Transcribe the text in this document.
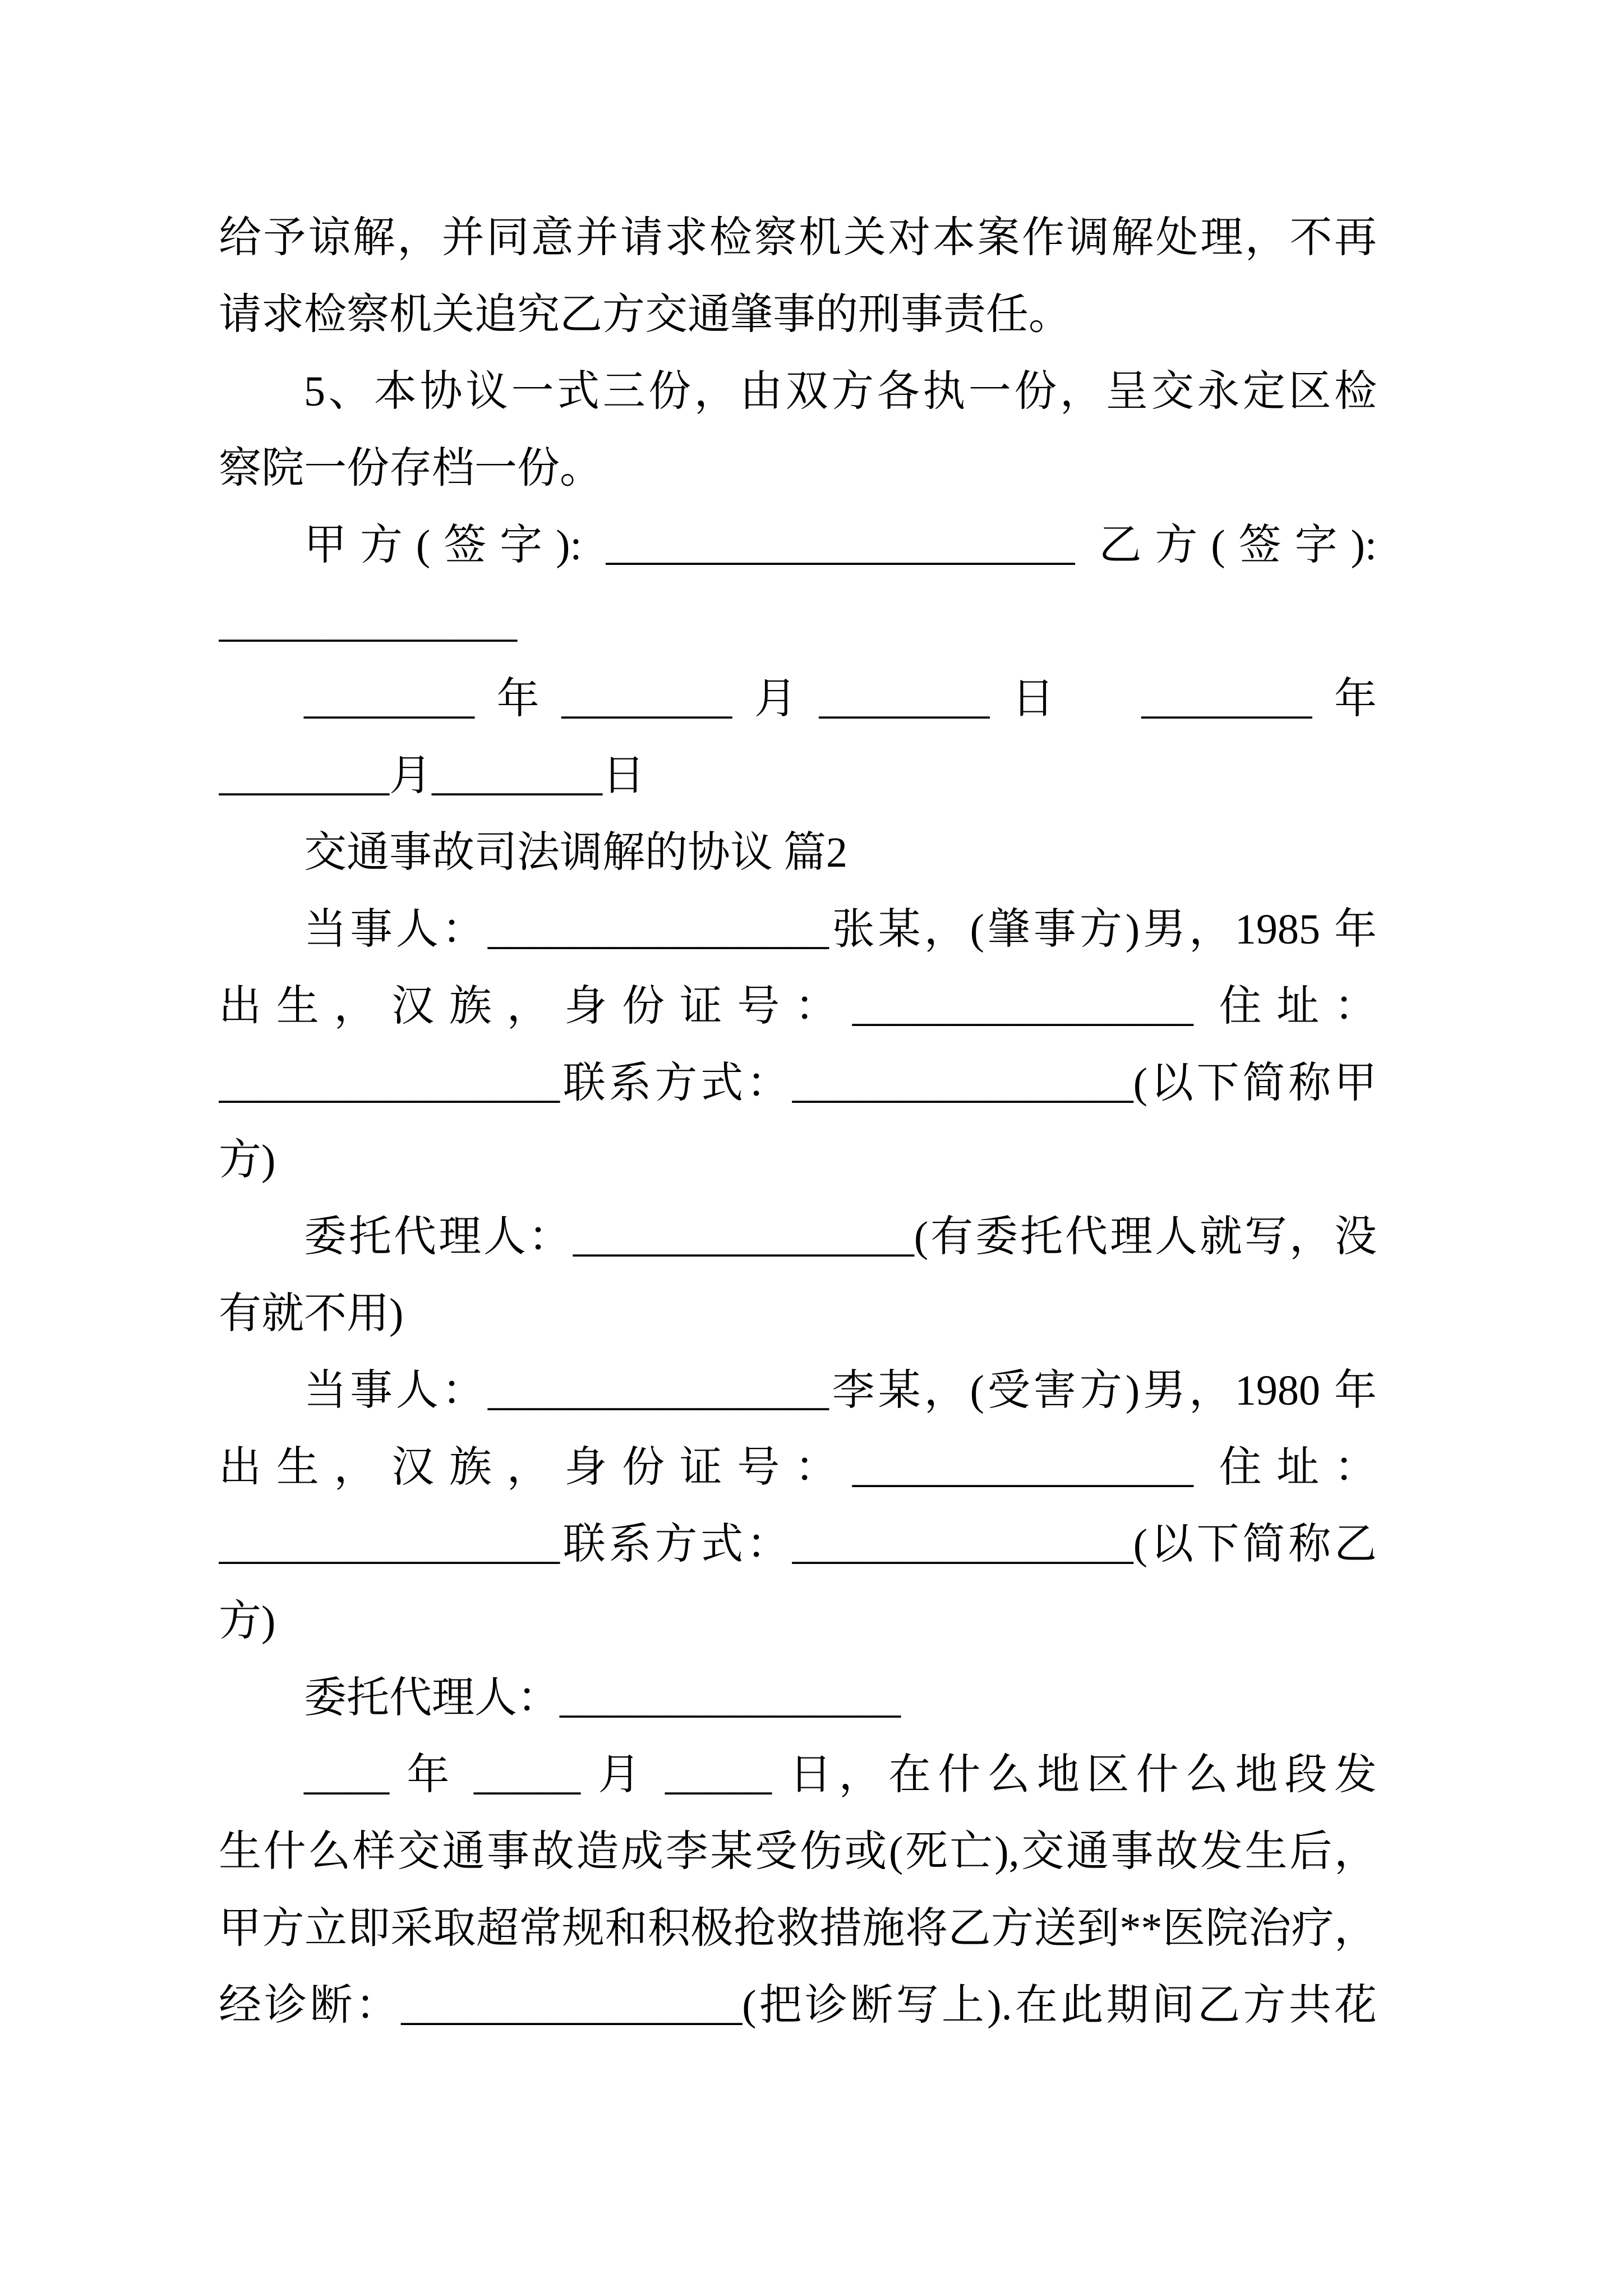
给予谅解，并同意并请求检察机关对本案作调解处理，不再

请求检察机关追究乙方交通肇事的刑事责任。

5、本协议一式三份，由双方各执一份，呈交永定区检

察院一份存档一份。

甲方(签字): ______________________ 乙方(签字):

______________

________年________月________日　________年

________月________日

交通事故司法调解的协议 篇2

当事人：________________张某，(肇事方)男，1985 年

出生，汉族，身份证号：________________ 住址：

________________联系方式：________________(以下简称甲

方)

委托代理人：________________(有委托代理人就写，没

有就不用)

当事人：________________李某，(受害方)男，1980 年

出生，汉族，身份证号：________________ 住址：

________________联系方式：________________(以下简称乙

方)

委托代理人：________________

____ 年 _____ 月 _____ 日，在什么地区什么地段发

生什么样交通事故造成李某受伤或(死亡),交通事故发生后，

甲方立即采取超常规和积极抢救措施将乙方送到**医院治疗，

经诊断：________________(把诊断写上).在此期间乙方共花
